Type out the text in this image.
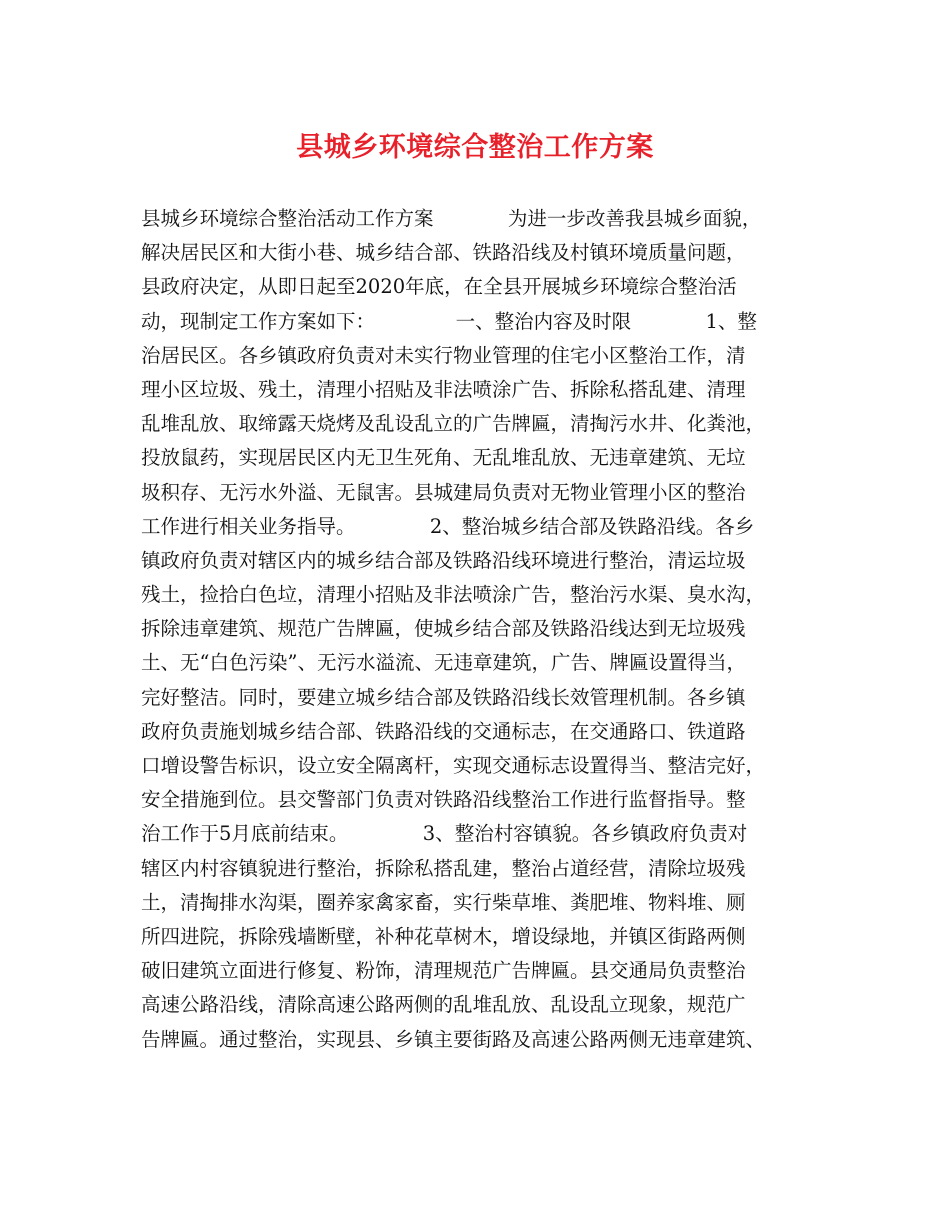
县城乡环境综合整治工作方案
县城乡环境综合整治活动工作方案            为进一步改善我县城乡面貌，
解决居民区和大街小巷、城乡结合部、铁路沿线及村镇环境质量问题，
县政府决定，从即日起至2020年底，在全县开展城乡环境综合整治活
动，现制定工作方案如下：             一、整治内容及时限            1、整
治居民区。各乡镇政府负责对未实行物业管理的住宅小区整治工作，清
理小区垃圾、残土，清理小招贴及非法喷涂广告、拆除私搭乱建、清理
乱堆乱放、取缔露天烧烤及乱设乱立的广告牌匾，清掏污水井、化粪池，
投放鼠药，实现居民区内无卫生死角、无乱堆乱放、无违章建筑、无垃
圾积存、无污水外溢、无鼠害。县城建局负责对无物业管理小区的整治
工作进行相关业务指导。            2、整治城乡结合部及铁路沿线。各乡
镇政府负责对辖区内的城乡结合部及铁路沿线环境进行整治，清运垃圾
残土，捡拾白色垃，清理小招贴及非法喷涂广告，整治污水渠、臭水沟，
拆除违章建筑、规范广告牌匾，使城乡结合部及铁路沿线达到无垃圾残
土、无“白色污染”、无污水溢流、无违章建筑，广告、牌匾设置得当，
完好整洁。同时，要建立城乡结合部及铁路沿线长效管理机制。各乡镇
政府负责施划城乡结合部、铁路沿线的交通标志，在交通路口、铁道路
口增设警告标识，设立安全隔离杆，实现交通标志设置得当、整洁完好，
安全措施到位。县交警部门负责对铁路沿线整治工作进行监督指导。整
治工作于5月底前结束。            3、整治村容镇貌。各乡镇政府负责对
辖区内村容镇貌进行整治，拆除私搭乱建，整治占道经营，清除垃圾残
土，清掏排水沟渠，圈养家禽家畜，实行柴草堆、粪肥堆、物料堆、厕
所四进院，拆除残墙断壁，补种花草树木，增设绿地，并镇区街路两侧
破旧建筑立面进行修复、粉饰，清理规范广告牌匾。县交通局负责整治
高速公路沿线，清除高速公路两侧的乱堆乱放、乱设乱立现象，规范广
告牌匾。通过整治，实现县、乡镇主要街路及高速公路两侧无违章建筑、
